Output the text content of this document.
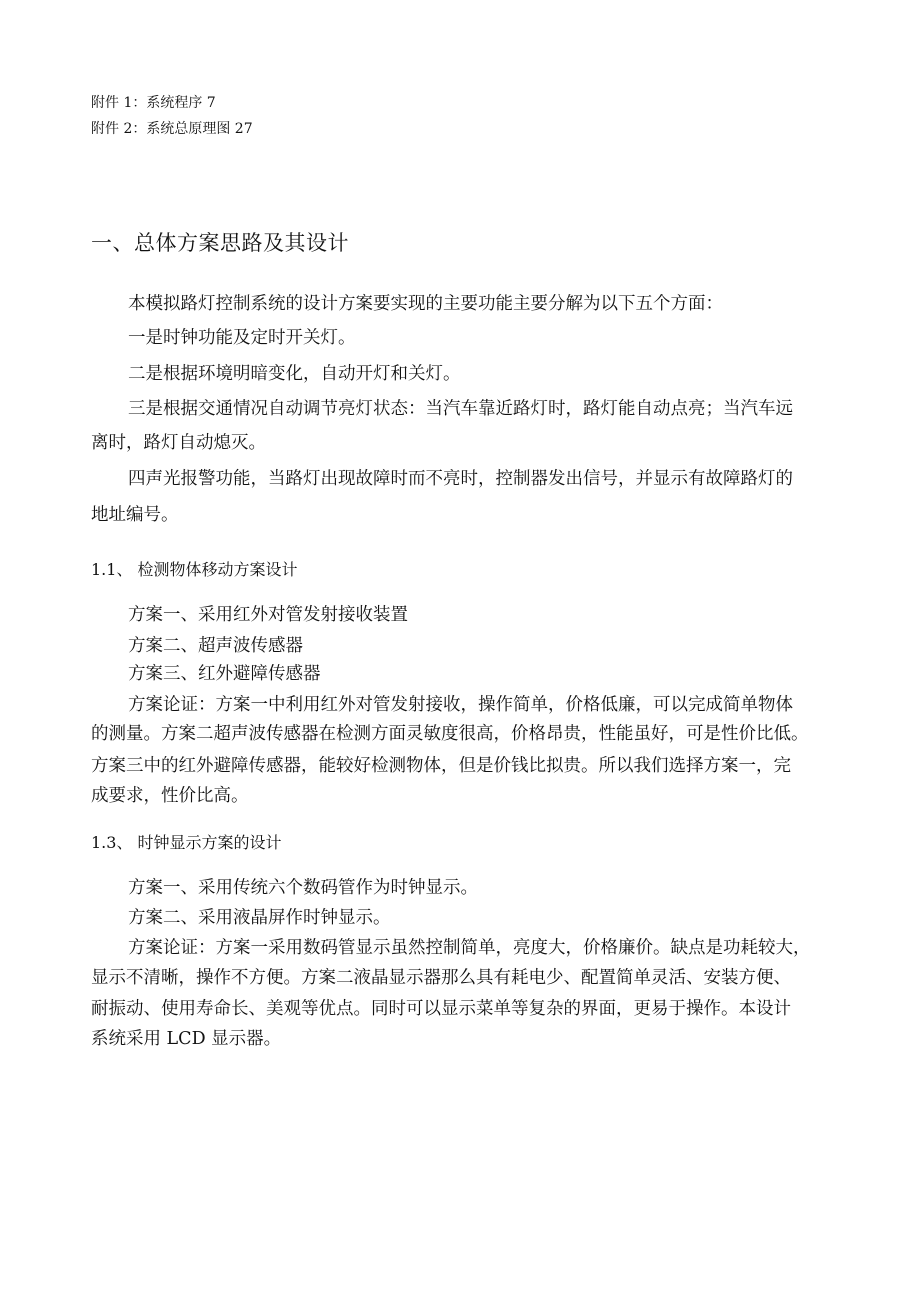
附件 1：系统程序 7
附件 2：系统总原理图 27
一、总体方案思路及其设计
本模拟路灯控制系统的设计方案要实现的主要功能主要分解为以下五个方面：
一是时钟功能及定时开关灯。
二是根据环境明暗变化，自动开灯和关灯。
三是根据交通情况自动调节亮灯状态：当汽车靠近路灯时，路灯能自动点亮；当汽车远
离时，路灯自动熄灭。
四声光报警功能，当路灯出现故障时而不亮时，控制器发出信号，并显示有故障路灯的
地址编号。
1.1、 检测物体移动方案设计
方案一、采用红外对管发射接收装置
方案二、超声波传感器
方案三、红外避障传感器
方案论证：方案一中利用红外对管发射接收，操作简单，价格低廉，可以完成简单物体
的测量。方案二超声波传感器在检测方面灵敏度很高，价格昂贵，性能虽好，可是性价比低。
方案三中的红外避障传感器，能较好检测物体，但是价钱比拟贵。所以我们选择方案一，完
成要求，性价比高。
1.3、 时钟显示方案的设计
方案一、采用传统六个数码管作为时钟显示。
方案二、采用液晶屏作时钟显示。
方案论证：方案一采用数码管显示虽然控制简单，亮度大，价格廉价。缺点是功耗较大，
显示不清晰，操作不方便。方案二液晶显示器那么具有耗电少、配置简单灵活、安装方便、
耐振动、使用寿命长、美观等优点。同时可以显示菜单等复杂的界面，更易于操作。本设计
系统采用 LCD 显示器。
